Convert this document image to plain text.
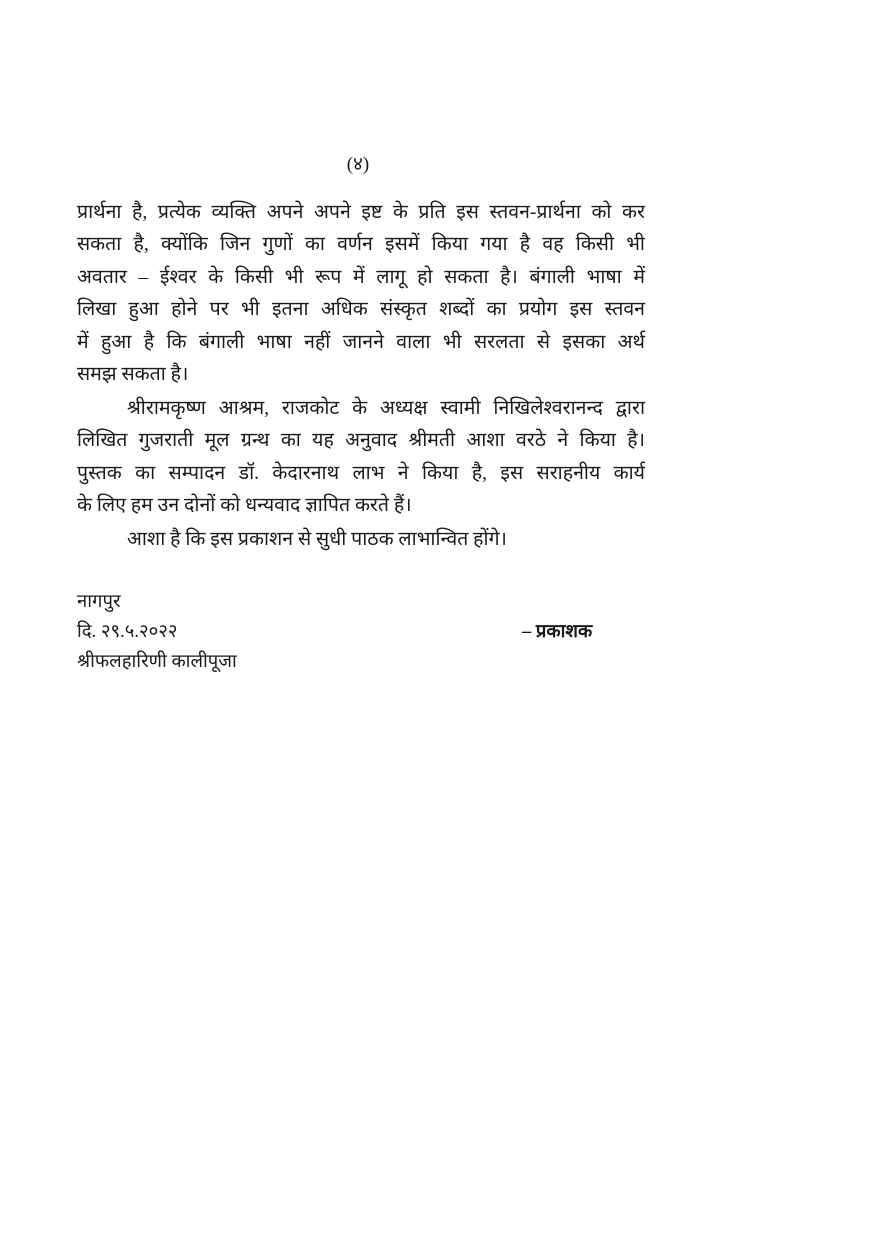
(४)
प्रार्थना है, प्रत्येक व्यक्ति अपने अपने इष्ट के प्रति इस स्तवन-प्रार्थना को कर
सकता है, क्योंकि जिन गुणों का वर्णन इसमें किया गया है वह किसी भी
अवतार – ईश्वर के किसी भी रूप में लागू हो सकता है। बंगाली भाषा में
लिखा हुआ होने पर भी इतना अधिक संस्कृत शब्दों का प्रयोग इस स्तवन
में हुआ है कि बंगाली भाषा नहीं जानने वाला भी सरलता से इसका अर्थ
समझ सकता है।
श्रीरामकृष्ण आश्रम, राजकोट के अध्यक्ष स्वामी निखिलेश्वरानन्द द्वारा
लिखित गुजराती मूल ग्रन्थ का यह अनुवाद श्रीमती आशा वरठे ने किया है।
पुस्तक का सम्पादन डॉ. केदारनाथ लाभ ने किया है, इस सराहनीय कार्य
के लिए हम उन दोनों को धन्यवाद ज्ञापित करते हैं।
आशा है कि इस प्रकाशन से सुधी पाठक लाभान्वित होंगे।
नागपुर
दि. २९.५.२०२२	– प्रकाशक
श्रीफलहारिणी कालीपूजा
